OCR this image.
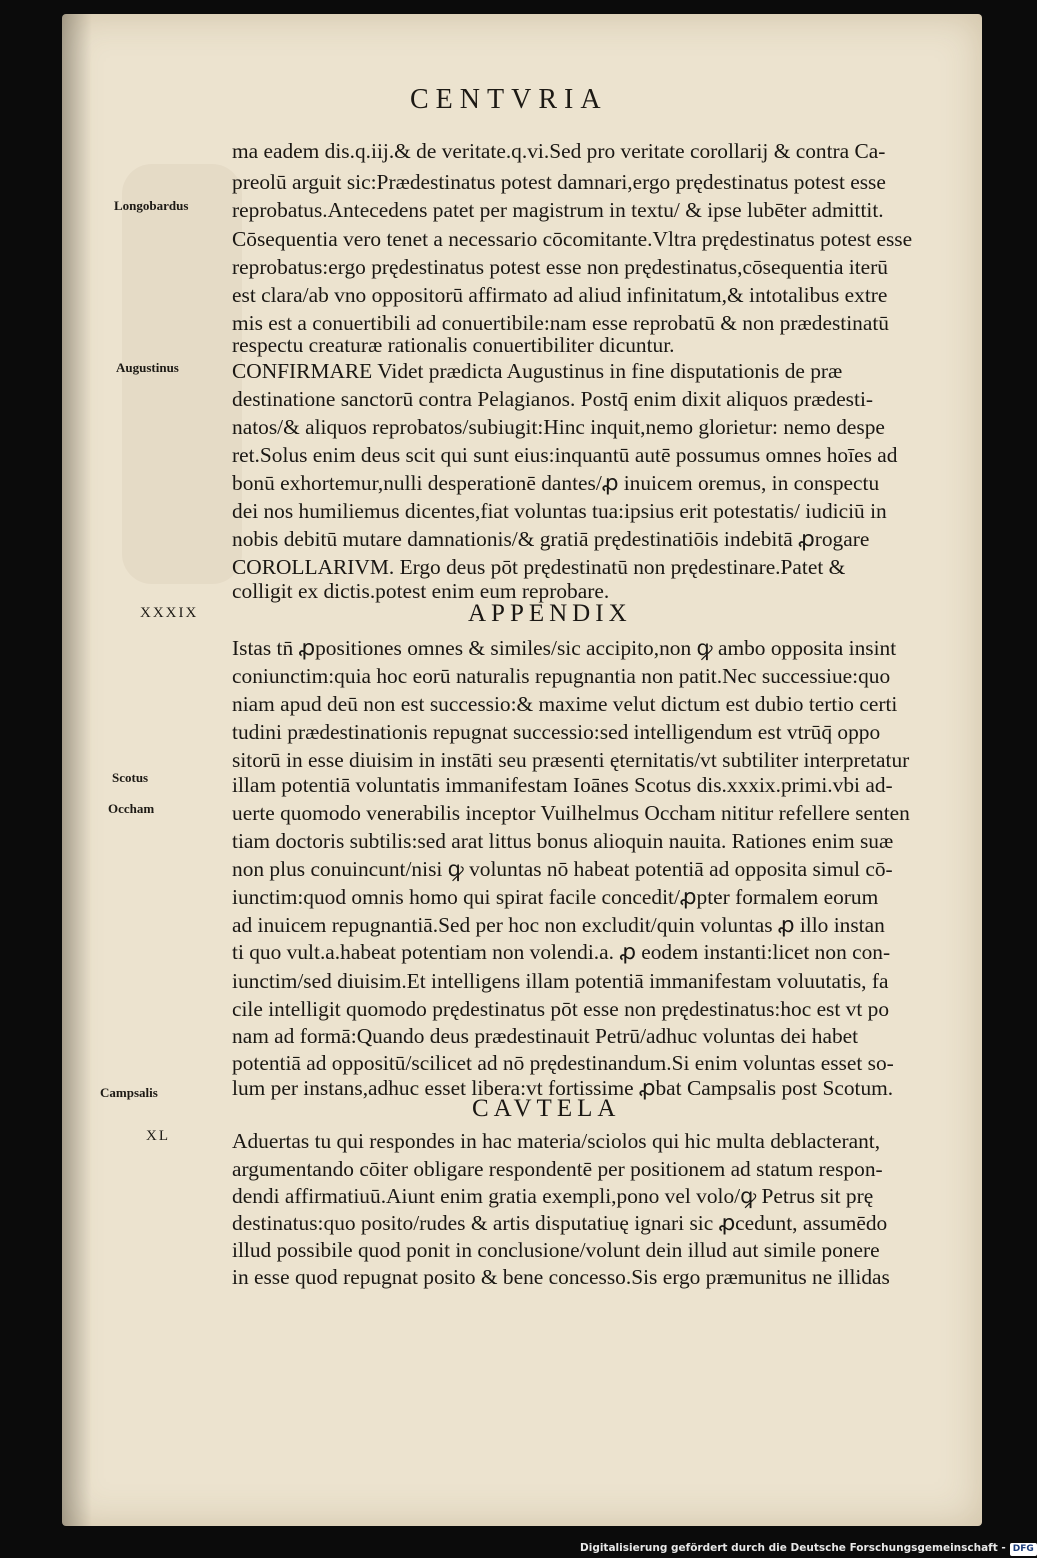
CENTVRIA
Longobardus
Augustinus
XXXIX
Scotus
Occham
Campsalis
XL
ma eadem dis.q.iij.& de veritate.q.vi.Sed pro veritate corollarij & contra Ca-
preolū arguit sic:Prædestinatus potest damnari,ergo prędestinatus potest esse
reprobatus.Antecedens patet per magistrum in textu/ & ipse lubēter admittit.
Cōsequentia vero tenet a necessario cōcomitante.Vltra prędestinatus potest esse
reprobatus:ergo prędestinatus potest esse non prędestinatus,cōsequentia iterū
est clara/ab vno oppositorū affirmato ad aliud infinitatum,& intotalibus extre
mis est a conuertibili ad conuertibile:nam esse reprobatū & non prædestinatū
respectu creaturæ rationalis conuertibiliter dicuntur.
CONFIRMARE Videt prædicta Augustinus in fine disputationis de præ
destinatione sanctorū contra Pelagianos. Postq̄ enim dixit aliquos prædesti-
natos/& aliquos reprobatos/subiugit:Hinc inquit,nemo glorietur: nemo despe
ret.Solus enim deus scit qui sunt eius:inquantū autē possumus omnes hoīes ad
bonū exhortemur,nulli desperationē dantes/ꝓ inuicem oremus, in conspectu
dei nos humiliemus dicentes,fiat voluntas tua:ipsius erit potestatis/ iudiciū in
nobis debitū mutare damnationis/& gratiā prędestinatiōis indebitā ꝓrogare
COROLLARIVM. Ergo deus pōt prędestinatū non prędestinare.Patet &
colligit ex dictis.potest enim eum reprobare.
APPENDIX
Istas tn̄ ꝓpositiones omnes & similes/sic accipito,non ꝙ ambo opposita insint
coniunctim:quia hoc eorū naturalis repugnantia non patit.Nec successiue:quo
niam apud deū non est successio:& maxime velut dictum est dubio tertio certi
tudini prædestinationis repugnat successio:sed intelligendum est vtrūq̄ oppo
sitorū in esse diuisim in instāti seu præsenti ęternitatis/vt subtiliter interpretatur
illam potentiā voluntatis immanifestam Ioānes Scotus dis.xxxix.primi.vbi ad-
uerte quomodo venerabilis inceptor Vuilhelmus Occham nititur refellere senten
tiam doctoris subtilis:sed arat littus bonus alioquin nauita. Rationes enim suæ
non plus conuincunt/nisi ꝙ voluntas nō habeat potentiā ad opposita simul cō-
iunctim:quod omnis homo qui spirat facile concedit/ꝓpter formalem eorum
ad inuicem repugnantiā.Sed per hoc non excludit/quin voluntas ꝓ illo instan
ti quo vult.a.habeat potentiam non volendi.a. ꝓ eodem instanti:licet non con-
iunctim/sed diuisim.Et intelligens illam potentiā immanifestam voluutatis, fa
cile intelligit quomodo prędestinatus pōt esse non prędestinatus:hoc est vt po
nam ad formā:Quando deus prædestinauit Petrū/adhuc voluntas dei habet
potentiā ad oppositū/scilicet ad nō prędestinandum.Si enim voluntas esset so-
lum per instans,adhuc esset libera:vt fortissime ꝓbat Campsalis post Scotum.
CAVTELA
Aduertas tu qui respondes in hac materia/sciolos qui hic multa deblacterant,
argumentando cōiter obligare respondentē per positionem ad statum respon-
dendi affirmatiuū.Aiunt enim gratia exempli,pono vel volo/ꝙ Petrus sit prę
destinatus:quo posito/rudes & artis disputatiuę ignari sic ꝓcedunt, assumēdo
illud possibile quod ponit in conclusione/volunt dein illud aut simile ponere
in esse quod repugnat posito & bene concesso.Sis ergo præmunitus ne illidas
Digitalisierung gefördert durch die Deutsche Forschungsgemeinschaft - DFG
